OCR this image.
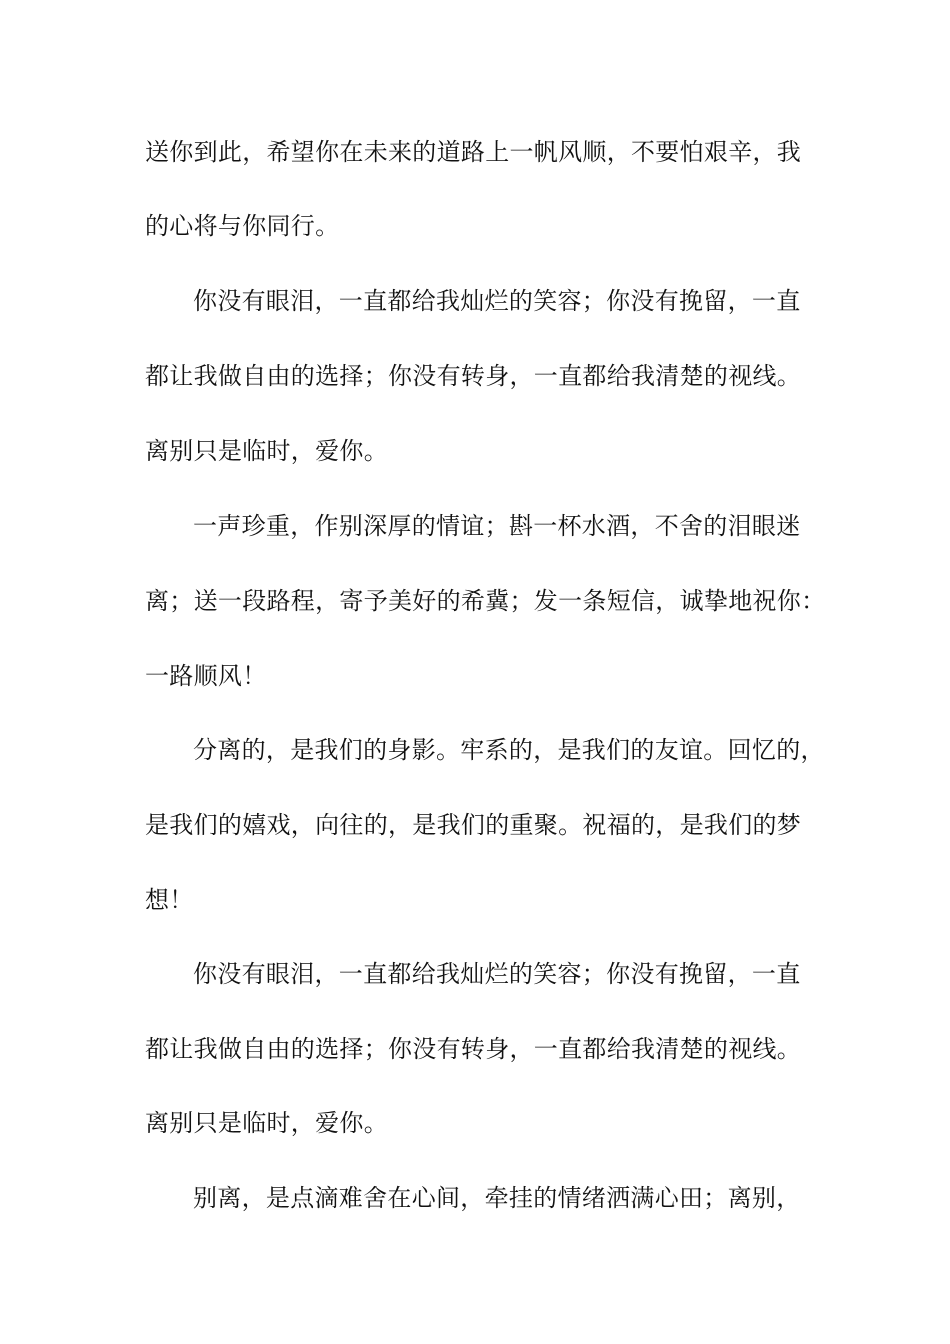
送你到此，希望你在未来的道路上一帆风顺，不要怕艰辛，我
的心将与你同行。
你没有眼泪，一直都给我灿烂的笑容；你没有挽留，一直
都让我做自由的选择；你没有转身，一直都给我清楚的视线。
离别只是临时，爱你。
一声珍重，作别深厚的情谊；斟一杯水酒，不舍的泪眼迷
离；送一段路程，寄予美好的希冀；发一条短信，诚挚地祝你：
一路顺风！
分离的，是我们的身影。牢系的，是我们的友谊。回忆的，
是我们的嬉戏，向往的，是我们的重聚。祝福的，是我们的梦
想！
你没有眼泪，一直都给我灿烂的笑容；你没有挽留，一直
都让我做自由的选择；你没有转身，一直都给我清楚的视线。
离别只是临时，爱你。
别离，是点滴难舍在心间，牵挂的情绪洒满心田；离别，
